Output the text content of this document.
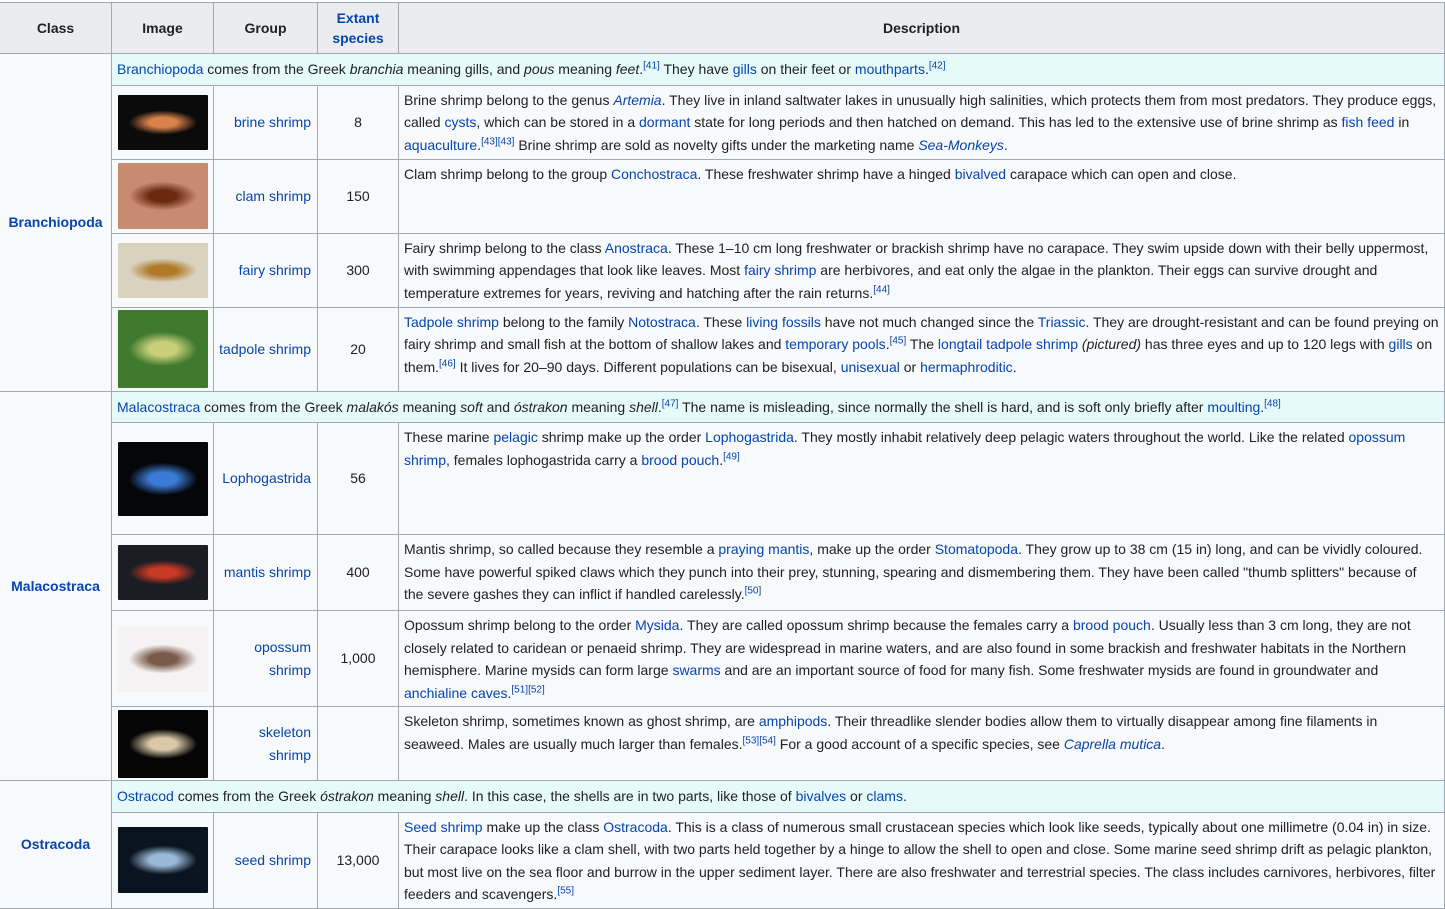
Class	Image	Group	Extant species	Description
Branchiopoda	Branchiopoda comes from the Greek branchia meaning gills, and pous meaning feet.[41] They have gills on their feet or mouthparts.[42]
		brine shrimp	8	Brine shrimp belong to the genus Artemia. They live in inland saltwater lakes in unusually high salinities, which protects them from most predators. They produce eggs, called cysts, which can be stored in a dormant state for long periods and then hatched on demand. This has led to the extensive use of brine shrimp as fish feed in aquaculture.[43][43] Brine shrimp are sold as novelty gifts under the marketing name Sea-Monkeys.
		clam shrimp	150	Clam shrimp belong to the group Conchostraca. These freshwater shrimp have a hinged bivalved carapace which can open and close.
		fairy shrimp	300	Fairy shrimp belong to the class Anostraca. These 1–10 cm long freshwater or brackish shrimp have no carapace. They swim upside down with their belly uppermost, with swimming appendages that look like leaves. Most fairy shrimp are herbivores, and eat only the algae in the plankton. Their eggs can survive drought and temperature extremes for years, reviving and hatching after the rain returns.[44]
		tadpole shrimp	20	Tadpole shrimp belong to the family Notostraca. These living fossils have not much changed since the Triassic. They are drought-resistant and can be found preying on fairy shrimp and small fish at the bottom of shallow lakes and temporary pools.[45] The longtail tadpole shrimp (pictured) has three eyes and up to 120 legs with gills on them.[46] It lives for 20–90 days. Different populations can be bisexual, unisexual or hermaphroditic.
Malacostraca	Malacostraca comes from the Greek malakós meaning soft and óstrakon meaning shell.[47] The name is misleading, since normally the shell is hard, and is soft only briefly after moulting.[48]
		Lophogastrida	56	These marine pelagic shrimp make up the order Lophogastrida. They mostly inhabit relatively deep pelagic waters throughout the world. Like the related opossum shrimp, females lophogastrida carry a brood pouch.[49]
		mantis shrimp	400	Mantis shrimp, so called because they resemble a praying mantis, make up the order Stomatopoda. They grow up to 38 cm (15 in) long, and can be vividly coloured. Some have powerful spiked claws which they punch into their prey, stunning, spearing and dismembering them. They have been called "thumb splitters" because of the severe gashes they can inflict if handled carelessly.[50]
		opossum shrimp	1,000	Opossum shrimp belong to the order Mysida. They are called opossum shrimp because the females carry a brood pouch. Usually less than 3 cm long, they are not closely related to caridean or penaeid shrimp. They are widespread in marine waters, and are also found in some brackish and freshwater habitats in the Northern hemisphere. Marine mysids can form large swarms and are an important source of food for many fish. Some freshwater mysids are found in groundwater and anchialine caves.[51][52]
		skeleton shrimp		Skeleton shrimp, sometimes known as ghost shrimp, are amphipods. Their threadlike slender bodies allow them to virtually disappear among fine filaments in seaweed. Males are usually much larger than females.[53][54] For a good account of a specific species, see Caprella mutica.
Ostracoda	Ostracod comes from the Greek óstrakon meaning shell. In this case, the shells are in two parts, like those of bivalves or clams.			
		seed shrimp	13,000	Seed shrimp make up the class Ostracoda. This is a class of numerous small crustacean species which look like seeds, typically about one millimetre (0.04 in) in size. Their carapace looks like a clam shell, with two parts held together by a hinge to allow the shell to open and close. Some marine seed shrimp drift as pelagic plankton, but most live on the sea floor and burrow in the upper sediment layer. There are also freshwater and terrestrial species. The class includes carnivores, herbivores, filter feeders and scavengers.[55]
